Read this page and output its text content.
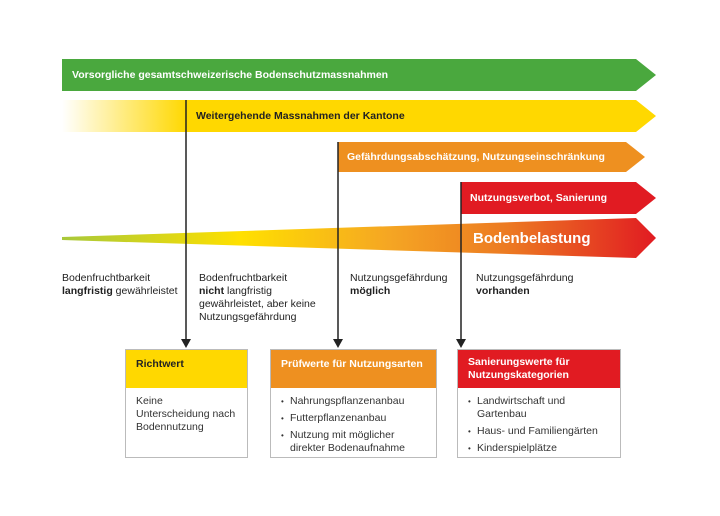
Vorsorgliche gesamtschweizerische Bodenschutzmassnahmen
Weitergehende Massnahmen der Kantone
Gefährdungsabschätzung, Nutzungseinschränkung
Nutzungsverbot, Sanierung
Bodenbelastung
Bodenfruchtbarkeit
langfristig gewährleistet
Bodenfruchtbarkeit
nicht langfristig gewährleistet, aber keine Nutzungsgefährdung
Nutzungsgefährdung
möglich
Nutzungsgefährdung
vorhanden
Richtwert
Keine Unterscheidung nach Bodennutzung
Prüfwerte für Nutzungsarten
• Nahrungspflanzenanbau
• Futterpflanzenanbau
• Nutzung mit möglicher direkter Bodenaufnahme
Sanierungswerte für Nutzungskategorien
• Landwirtschaft und Gartenbau
• Haus- und Familiengärten
• Kinderspielplätze
